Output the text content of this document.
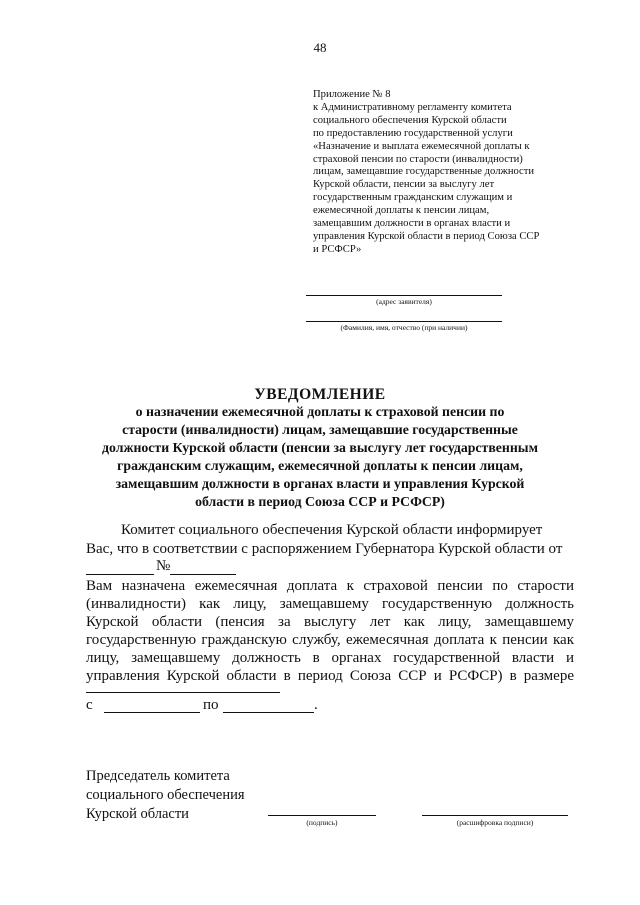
48
Приложение № 8
к Административному регламенту комитета
социального обеспечения Курской области
по предоставлению государственной услуги
«Назначение и выплата ежемесячной доплаты к
страховой пенсии по старости (инвалидности)
лицам, замещавшие государственные должности
Курской области, пенсии за выслугу лет
государственным гражданским служащим и
ежемесячной доплаты к пенсии лицам,
замещавшим должности в органах власти и
управления Курской области в период Союза ССР
и РСФСР»
(адрес заявителя)
(Фамилия, имя, отчество (при наличии)
УВЕДОМЛЕНИЕ
о назначении ежемесячной доплаты к страховой пенсии по
старости (инвалидности) лицам, замещавшие государственные
должности Курской области (пенсии за выслугу лет государственным
гражданским служащим, ежемесячной доплаты к пенсии лицам,
замещавшим должности в органах власти и управления Курской
области в период Союза ССР и РСФСР)
Комитет социального обеспечения Курской области информирует
Вас, что в соответствии с распоряжением Губернатора Курской области от
№
Вам назначена ежемесячная доплата к страховой пенсии по старости
(инвалидности) как лицу, замещавшему государственную должность
Курской области (пенсия за выслугу лет как лицу, замещавшему
государственную гражданскую службу, ежемесячная доплата к пенсии как
лицу, замещавшему должность в органах государственной власти и
управления Курской области в период Союза ССР и РСФСР) в размере
с	по	.
Председатель комитета
социального обеспечения
Курской области
(подпись)	(расшифровка подписи)
